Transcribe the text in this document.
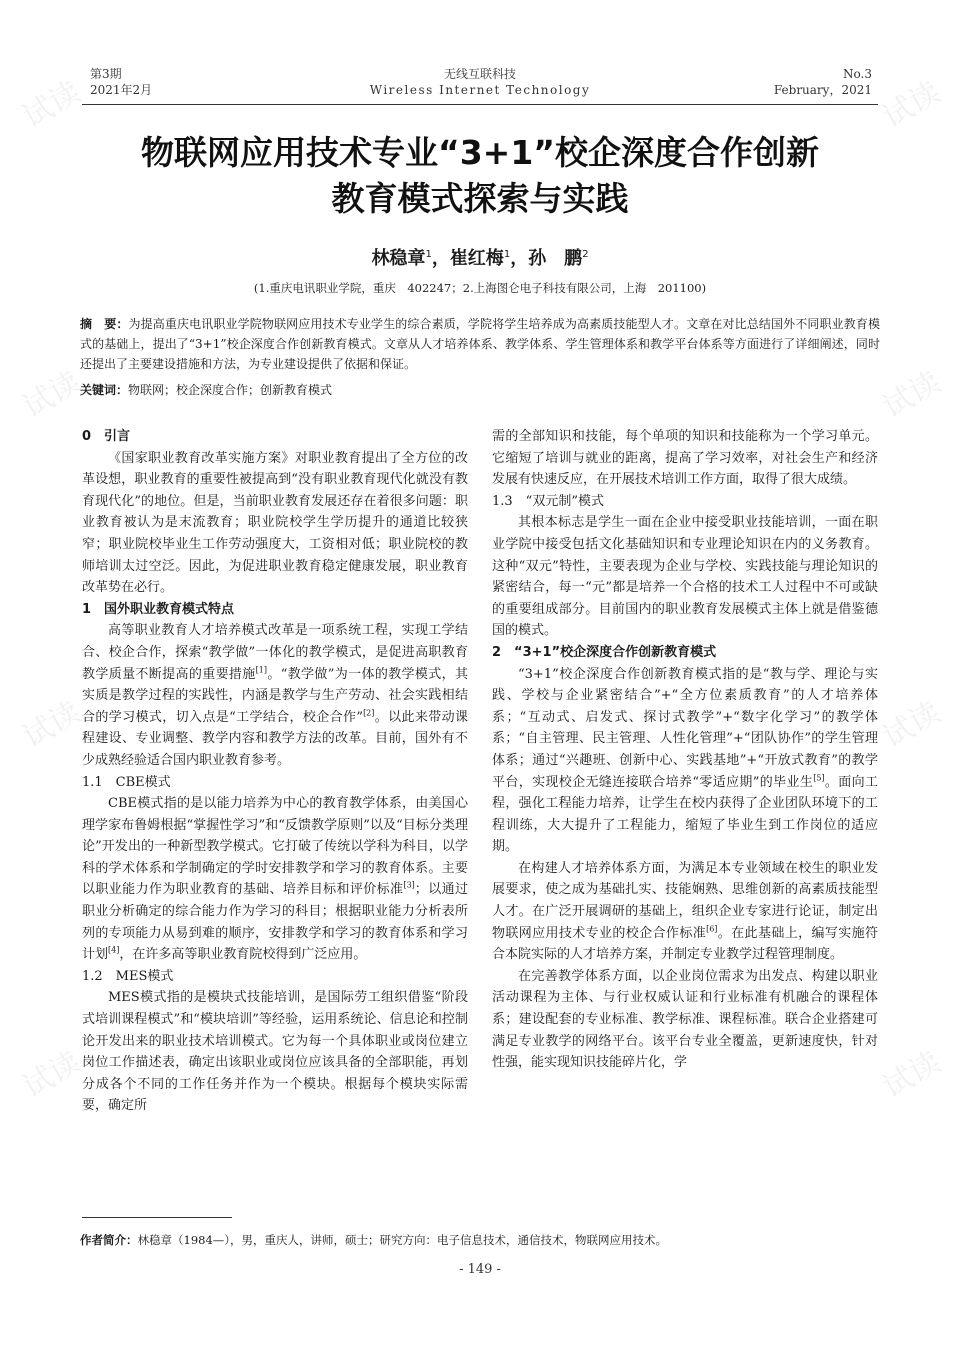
试读	试读
试读	试读
试读	试读
试读	试读
第3期
2021年2月
无线互联科技
Wireless Internet Technology
No.3
February，2021
物联网应用技术专业“3+1”校企深度合作创新
教育模式探索与实践
林稳章$^1$，崔红梅$^1$，孙　鹏$^2$
(1.重庆电讯职业学院，重庆　402247；2.上海图仑电子科技有限公司，上海　201100)
摘　要：为提高重庆电讯职业学院物联网应用技术专业学生的综合素质，学院将学生培养成为高素质技能型人才。文章在对比总结国外不同职业教育模式的基础上，提出了“3+1”校企深度合作创新教育模式。文章从人才培养体系、教学体系、学生管理体系和教学平台体系等方面进行了详细阐述，同时还提出了主要建设措施和方法，为专业建设提供了依据和保证。
关键词：物联网；校企深度合作；创新教育模式

0　引言

《国家职业教育改革实施方案》对职业教育提出了全方位的改革设想，职业教育的重要性被提高到“没有职业教育现代化就没有教育现代化”的地位。但是，当前职业教育发展还存在着很多问题：职业教育被认为是末流教育；职业院校学生学历提升的通道比较狭窄；职业院校毕业生工作劳动强度大，工资相对低；职业院校的教师培训太过空泛。因此，为促进职业教育稳定健康发展，职业教育改革势在必行。

1　国外职业教育模式特点

高等职业教育人才培养模式改革是一项系统工程，实现工学结合、校企合作，探索“教学做”一体化的教学模式，是促进高职教育教学质量不断提高的重要措施[1]。“教学做”为一体的教学模式，其实质是教学过程的实践性，内涵是教学与生产劳动、社会实践相结合的学习模式，切入点是“工学结合，校企合作”[2]。以此来带动课程建设、专业调整、教学内容和教学方法的改革。目前，国外有不少成熟经验适合国内职业教育参考。

1.1　CBE模式

CBE模式指的是以能力培养为中心的教育教学体系，由美国心理学家布鲁姆根据“掌握性学习”和“反馈教学原则”以及“目标分类理论”开发出的一种新型教学模式。它打破了传统以学科为科目，以学科的学术体系和学制确定的学时安排教学和学习的教育体系。主要以职业能力作为职业教育的基础、培养目标和评价标准[3]；以通过职业分析确定的综合能力作为学习的科目；根据职业能力分析表所列的专项能力从易到难的顺序，安排教学和学习的教育体系和学习计划[4]，在许多高等职业教育院校得到广泛应用。

1.2　MES模式

MES模式指的是模块式技能培训，是国际劳工组织借鉴“阶段式培训课程模式”和“模块培训”等经验，运用系统论、信息论和控制论开发出来的职业技术培训模式。它为每一个具体职业或岗位建立岗位工作描述表，确定出该职业或岗位应该具备的全部职能，再划分成各个不同的工作任务并作为一个模块。根据每个模块实际需要，确定所

需的全部知识和技能，每个单项的知识和技能称为一个学习单元。它缩短了培训与就业的距离，提高了学习效率，对社会生产和经济发展有快速反应，在开展技术培训工作方面，取得了很大成绩。

1.3　“双元制”模式

其根本标志是学生一面在企业中接受职业技能培训，一面在职业学院中接受包括文化基础知识和专业理论知识在内的义务教育。这种“双元”特性，主要表现为企业与学校、实践技能与理论知识的紧密结合，每一“元”都是培养一个合格的技术工人过程中不可或缺的重要组成部分。目前国内的职业教育发展模式主体上就是借鉴德国的模式。

2　“3+1”校企深度合作创新教育模式

“3+1”校企深度合作创新教育模式指的是“教与学、理论与实践、学校与企业紧密结合”+“全方位素质教育”的人才培养体系；“互动式、启发式、探讨式教学”+“数字化学习”的教学体系；“自主管理、民主管理、人性化管理”+“团队协作”的学生管理体系；通过“兴趣班、创新中心、实践基地”+“开放式教育”的教学平台，实现校企无缝连接联合培养“零适应期”的毕业生[5]。面向工程，强化工程能力培养，让学生在校内获得了企业团队环境下的工程训练，大大提升了工程能力，缩短了毕业生到工作岗位的适应期。

在构建人才培养体系方面，为满足本专业领域在校生的职业发展要求，使之成为基础扎实、技能娴熟、思维创新的高素质技能型人才。在广泛开展调研的基础上，组织企业专家进行论证，制定出物联网应用技术专业的校企合作标准[6]。在此基础上，编写实施符合本院实际的人才培养方案，并制定专业教学过程管理制度。

在完善教学体系方面，以企业岗位需求为出发点、构建以职业活动课程为主体、与行业权威认证和行业标准有机融合的课程体系；建设配套的专业标准、教学标准、课程标准。联合企业搭建可满足专业教学的网络平台。该平台专业全覆盖，更新速度快，针对性强，能实现知识技能碎片化，学

作者简介：林稳章（1984—），男，重庆人，讲师，硕士；研究方向：电子信息技术，通信技术，物联网应用技术。
- 149 -
